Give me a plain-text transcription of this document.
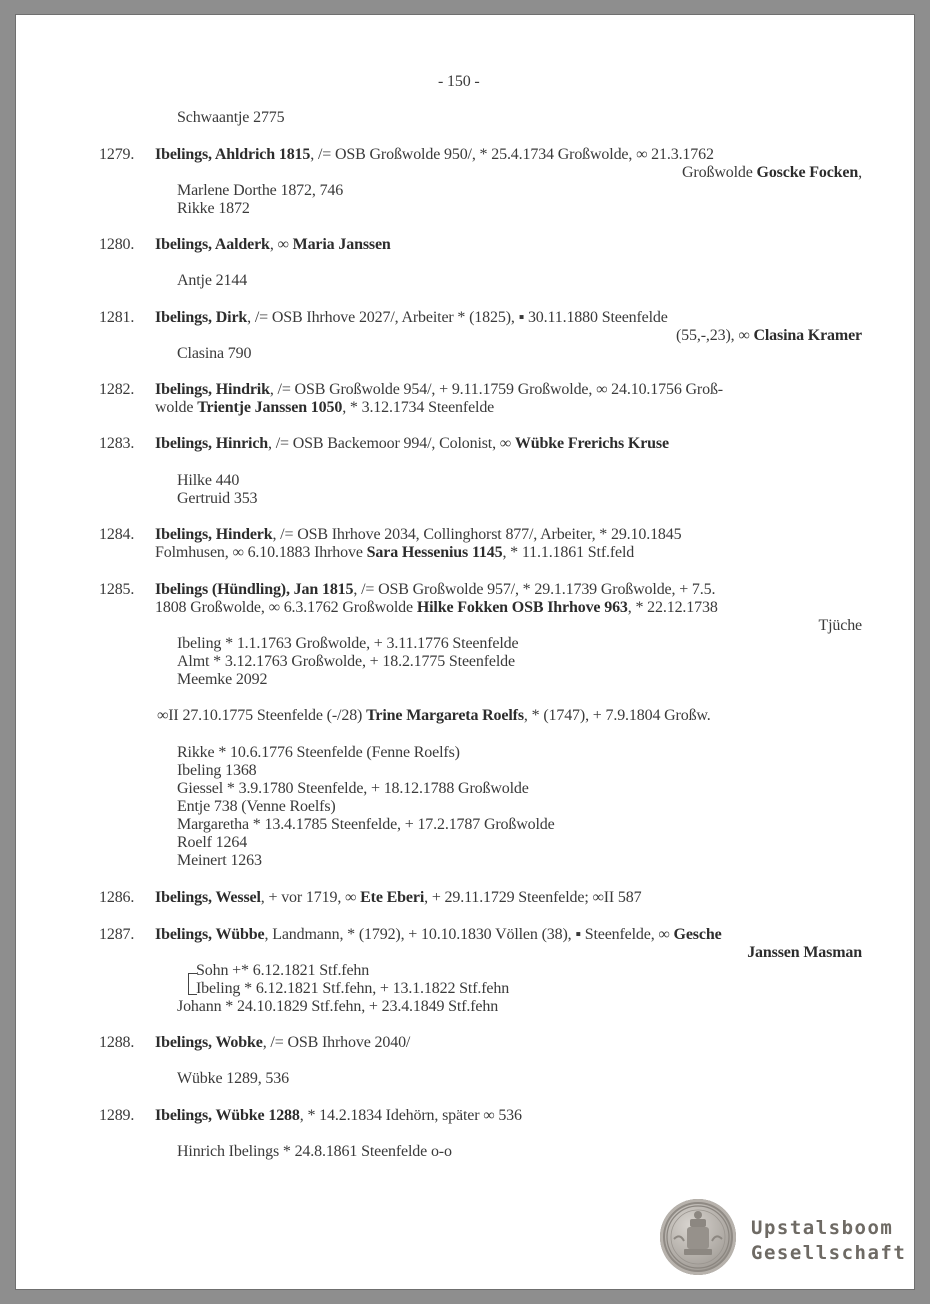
- 150 -
1279.
1280.
1281.
1282.
1283.
1284.
1285.
1286.
1287.
1288.
1289.
Schwaantje 2775
Ibelings, Ahldrich 1815, /= OSB Großwolde 950/, * 25.4.1734 Großwolde, ∞ 21.3.1762
Großwolde Goscke Focken,
Marlene Dorthe 1872, 746
Rikke 1872
Ibelings, Aalderk, ∞ Maria Janssen
Antje 2144
Ibelings, Dirk, /= OSB Ihrhove 2027/, Arbeiter * (1825), ▪ 30.11.1880 Steenfelde
(55,-,23), ∞ Clasina Kramer
Clasina 790
Ibelings, Hindrik, /= OSB Großwolde 954/, + 9.11.1759 Großwolde, ∞ 24.10.1756 Groß-
wolde Trientje Janssen 1050, * 3.12.1734 Steenfelde
Ibelings, Hinrich, /= OSB Backemoor 994/, Colonist, ∞ Wübke Frerichs Kruse
Hilke 440
Gertruid 353
Ibelings, Hinderk, /= OSB Ihrhove 2034, Collinghorst 877/, Arbeiter, * 29.10.1845
Folmhusen, ∞ 6.10.1883 Ihrhove Sara Hessenius 1145, * 11.1.1861 Stf.feld
Ibelings (Hündling), Jan 1815, /= OSB Großwolde 957/, * 29.1.1739 Großwolde, + 7.5.
1808 Großwolde, ∞ 6.3.1762 Großwolde Hilke Fokken OSB Ihrhove 963, * 22.12.1738
Tjüche
Ibeling * 1.1.1763 Großwolde, + 3.11.1776 Steenfelde
Almt * 3.12.1763 Großwolde, + 18.2.1775 Steenfelde
Meemke 2092
∞II 27.10.1775 Steenfelde (-/28) Trine Margareta Roelfs, * (1747), + 7.9.1804 Großw.
Rikke * 10.6.1776 Steenfelde (Fenne Roelfs)
Ibeling 1368
Giessel * 3.9.1780 Steenfelde, + 18.12.1788 Großwolde
Entje 738 (Venne Roelfs)
Margaretha * 13.4.1785 Steenfelde, + 17.2.1787 Großwolde
Roelf 1264
Meinert 1263
Ibelings, Wessel, + vor 1719, ∞ Ete Eberi, + 29.11.1729 Steenfelde; ∞II 587
Ibelings, Wübbe, Landmann, * (1792), + 10.10.1830 Völlen (38), ▪ Steenfelde, ∞ Gesche
Janssen Masman
Sohn +* 6.12.1821 Stf.fehn
Ibeling * 6.12.1821 Stf.fehn, + 13.1.1822 Stf.fehn
Johann * 24.10.1829 Stf.fehn, + 23.4.1849 Stf.fehn
Ibelings, Wobke, /= OSB Ihrhove 2040/
Wübke 1289, 536
Ibelings, Wübke 1288, * 14.2.1834 Idehörn, später ∞ 536
Hinrich Ibelings * 24.8.1861 Steenfelde o-o
Upstalsboom
Gesellschaft
